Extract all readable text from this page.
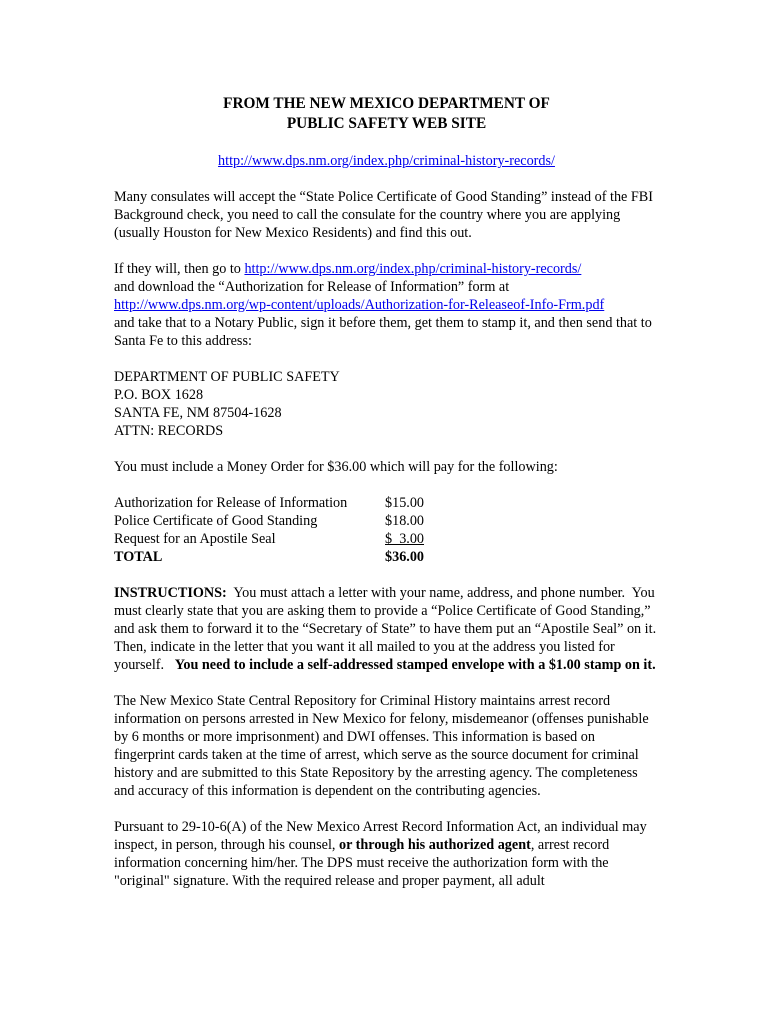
FROM THE NEW MEXICO DEPARTMENT OF

PUBLIC SAFETY WEB SITE

http://www.dps.nm.org/index.php/criminal-history-records/

Many consulates will accept the “State Police Certificate of Good Standing” instead of the FBI Background check, you need to call the consulate for the country where you are applying (usually Houston for New Mexico Residents) and find this out.

If they will, then go to http://www.dps.nm.org/index.php/criminal-history-records/
and download the “Authorization for Release of Information” form at
http://www.dps.nm.org/wp-content/uploads/Authorization-for-Releaseof-Info-Frm.pdf
and take that to a Notary Public, sign it before them, get them to stamp it, and then send that to Santa Fe to this address:

DEPARTMENT OF PUBLIC SAFETY

P.O. BOX 1628

SANTA FE, NM 87504-1628

ATTN: RECORDS

You must include a Money Order for $36.00 which will pay for the following:

Authorization for Release of Information	$15.00
Police Certificate of Good Standing	$18.00
Request for an Apostile Seal	$  3.00
TOTAL	$36.00

INSTRUCTIONS:  You must attach a letter with your name, address, and phone number.  You must clearly state that you are asking them to provide a “Police Certificate of Good Standing,” and ask them to forward it to the “Secretary of State” to have them put an “Apostile Seal” on it.  Then, indicate in the letter that you want it all mailed to you at the address you listed for yourself.   You need to include a self-addressed stamped envelope with a $1.00 stamp on it.

The New Mexico State Central Repository for Criminal History maintains arrest record information on persons arrested in New Mexico for felony, misdemeanor (offenses punishable by 6 months or more imprisonment) and DWI offenses. This information is based on fingerprint cards taken at the time of arrest, which serve as the source document for criminal history and are submitted to this State Repository by the arresting agency. The completeness and accuracy of this information is dependent on the contributing agencies.

Pursuant to 29-10-6(A) of the New Mexico Arrest Record Information Act, an individual may inspect, in person, through his counsel, or through his authorized agent, arrest record information concerning him/her. The DPS must receive the authorization form with the "original" signature. With the required release and proper payment, all adult
